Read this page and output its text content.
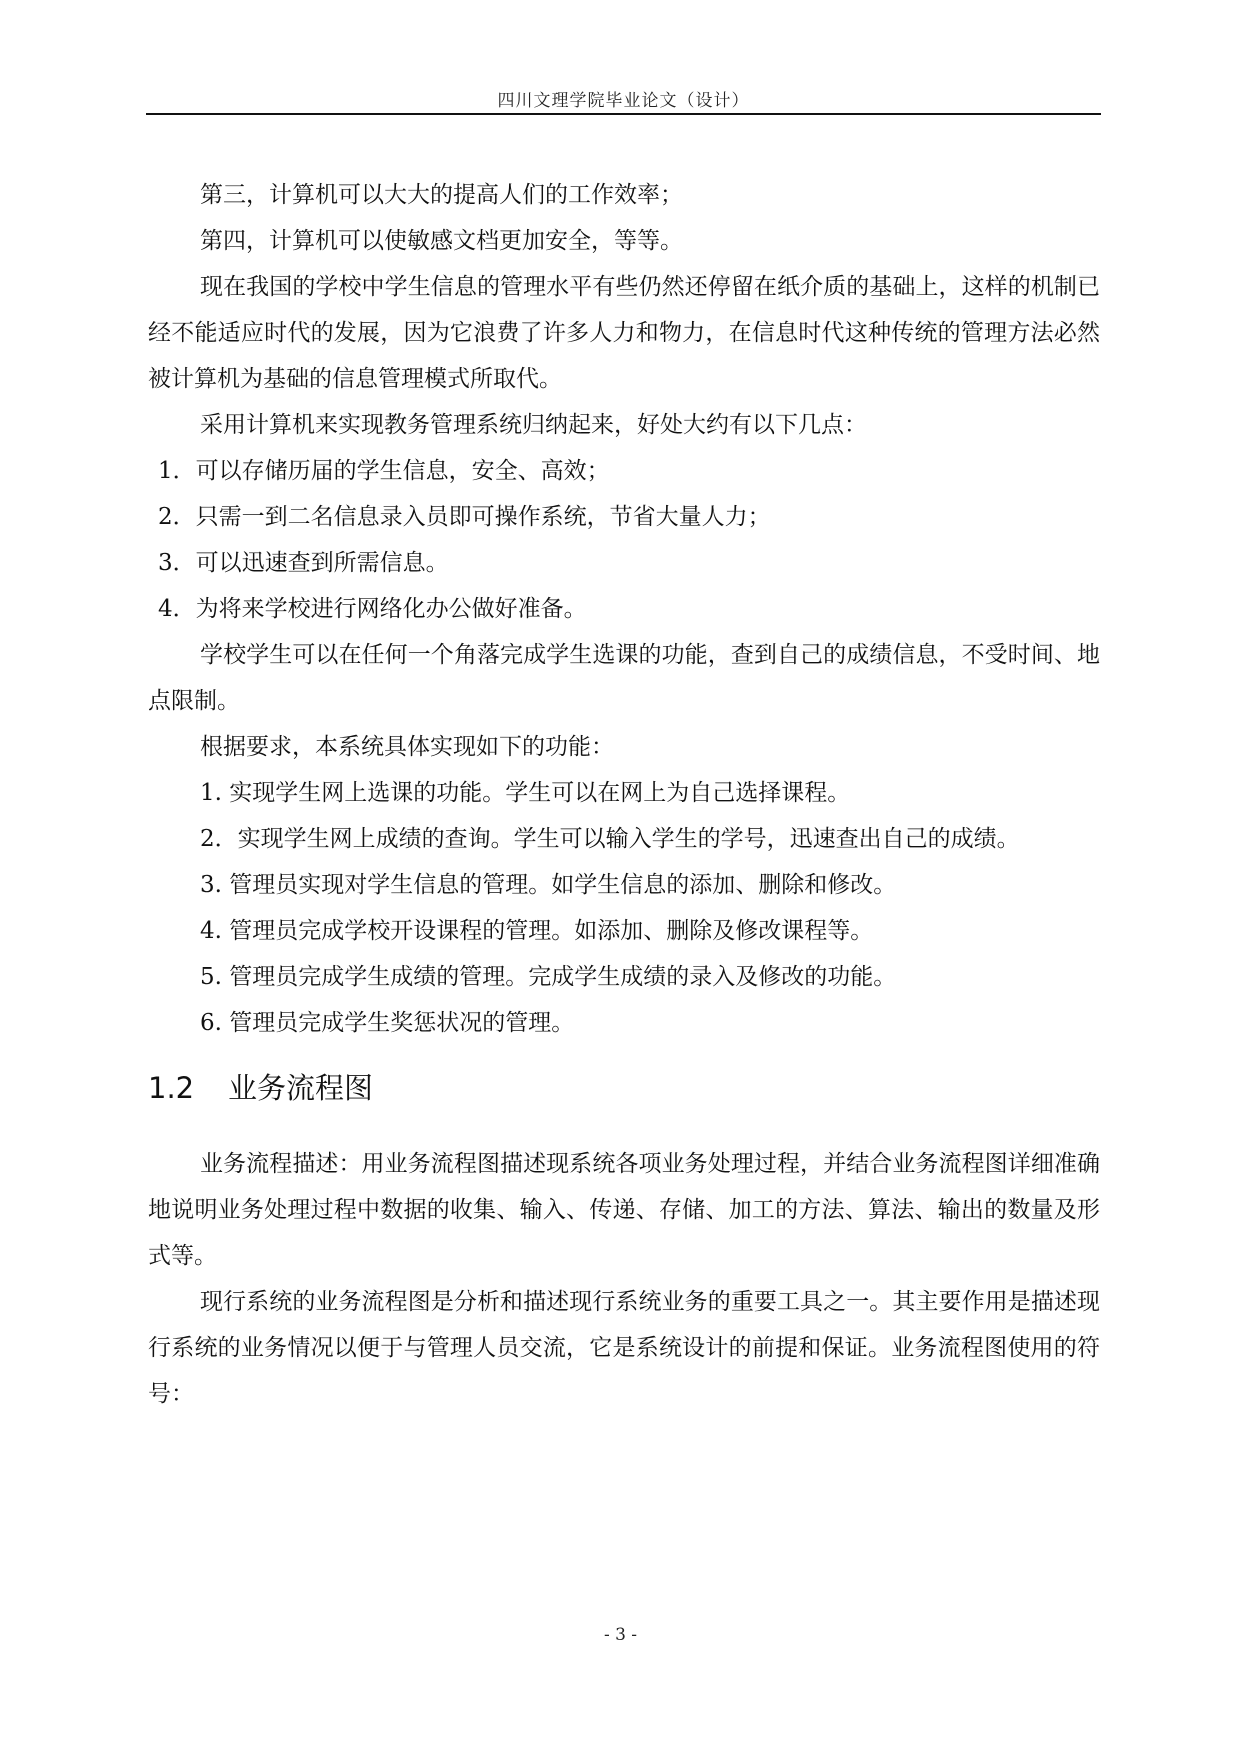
四川文理学院毕业论文（设计）

第三，计算机可以大大的提高人们的工作效率；

第四，计算机可以使敏感文档更加安全，等等。

现在我国的学校中学生信息的管理水平有些仍然还停留在纸介质的基础上，这样的机制已经不能适应时代的发展，因为它浪费了许多人力和物力，在信息时代这种传统的管理方法必然被计算机为基础的信息管理模式所取代。

采用计算机来实现教务管理系统归纳起来，好处大约有以下几点：

1．可以存储历届的学生信息，安全、高效；

2．只需一到二名信息录入员即可操作系统，节省大量人力；

3．可以迅速查到所需信息。

4．为将来学校进行网络化办公做好准备。

学校学生可以在任何一个角落完成学生选课的功能，查到自己的成绩信息，不受时间、地点限制。

根据要求，本系统具体实现如下的功能：

1. 实现学生网上选课的功能。学生可以在网上为自己选择课程。

2．实现学生网上成绩的查询。学生可以输入学生的学号，迅速查出自己的成绩。

3. 管理员实现对学生信息的管理。如学生信息的添加、删除和修改。

4. 管理员完成学校开设课程的管理。如添加、删除及修改课程等。

5. 管理员完成学生成绩的管理。完成学生成绩的录入及修改的功能。

6. 管理员完成学生奖惩状况的管理。

1.2 业务流程图

业务流程描述：用业务流程图描述现系统各项业务处理过程，并结合业务流程图详细准确地说明业务处理过程中数据的收集、输入、传递、存储、加工的方法、算法、输出的数量及形式等。

现行系统的业务流程图是分析和描述现行系统业务的重要工具之一。其主要作用是描述现行系统的业务情况以便于与管理人员交流，它是系统设计的前提和保证。业务流程图使用的符号：

- 3 -
